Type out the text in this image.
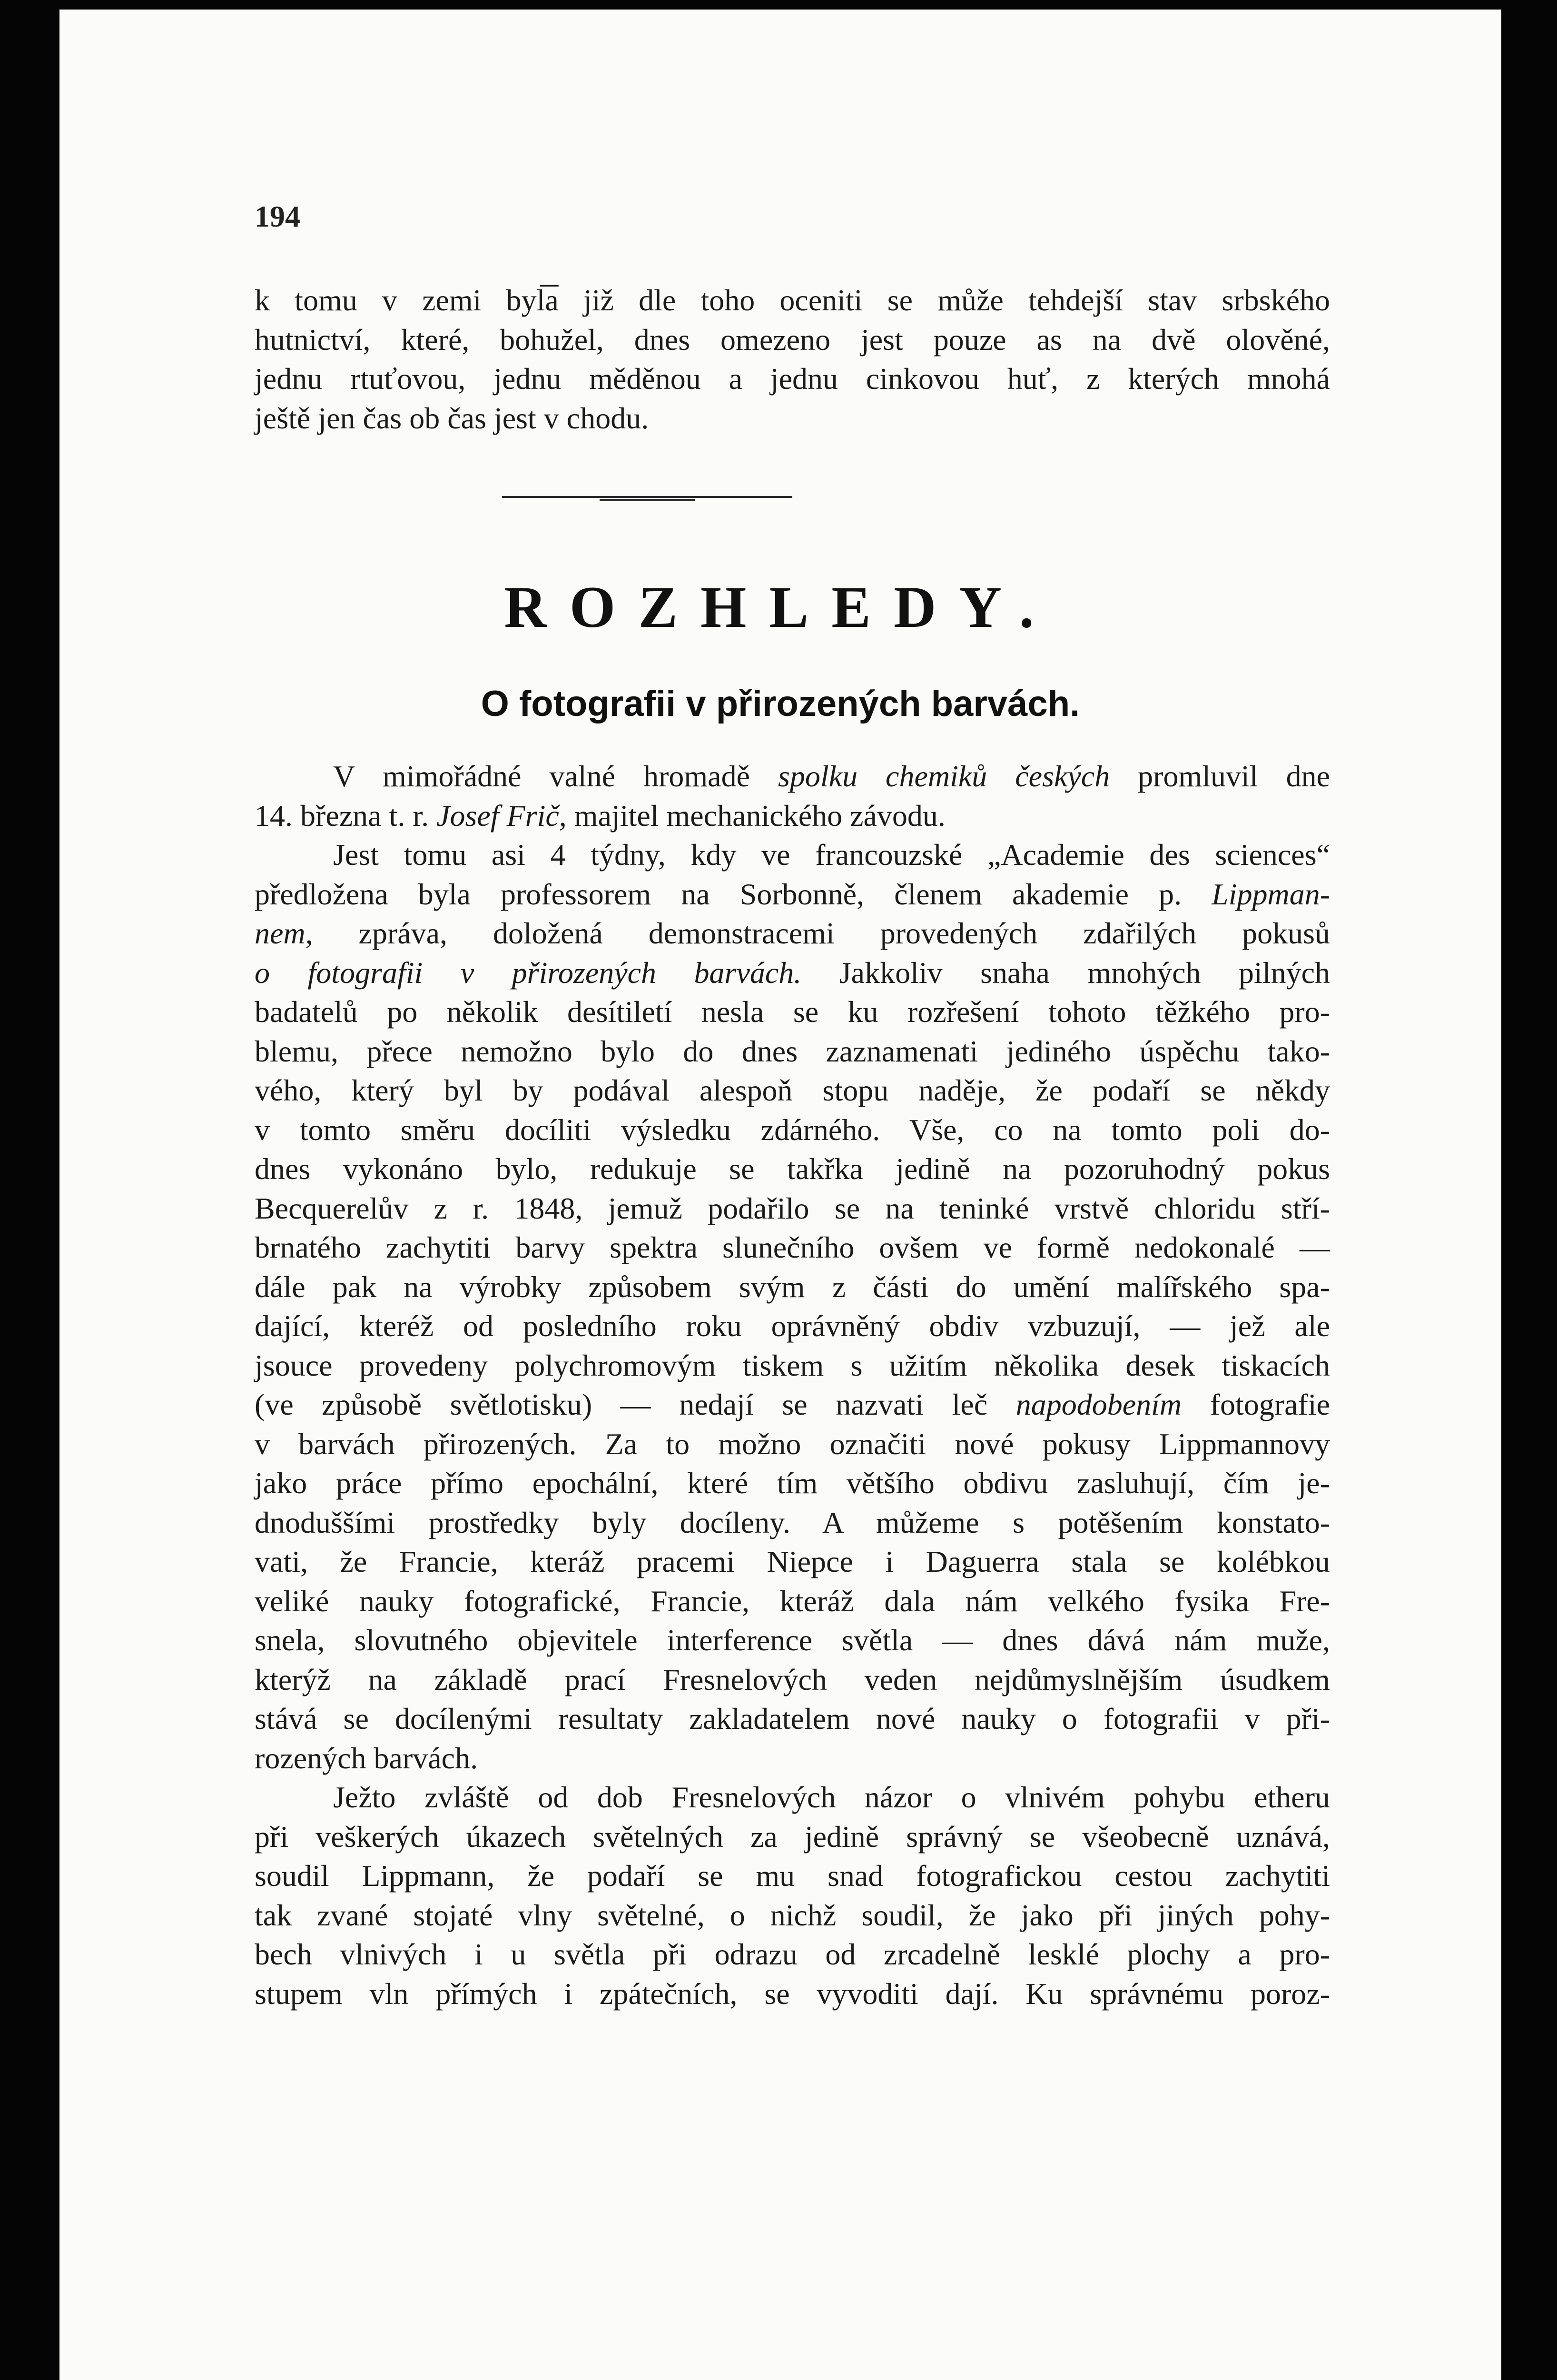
194

k tomu v zemi byl͞a již dle toho oceniti se může tehdejší stav srbského
hutnictví, které, bohužel, dnes omezeno jest pouze as na dvě olověné,
jednu rtuťovou, jednu měděnou a jednu cinkovou huť, z kterých mnohá
ještě jen čas ob čas jest v chodu.
ROZHLEDY.
O fotografii v přirozených barvách.
V mimořádné valné hromadě spolku chemiků českých promluvil dne
14. března t. r. Josef Frič, majitel mechanického závodu.
Jest tomu asi 4 týdny, kdy ve francouzské „Academie des sciences“
předložena byla professorem na Sorbonně, členem akademie p. Lippman-
nem, zpráva, doložená demonstracemi provedených zdařilých pokusů
o fotografii v přirozených barvách. Jakkoliv snaha mnohých pilných
badatelů po několik desítiletí nesla se ku rozřešení tohoto těžkého pro-
blemu, přece nemožno bylo do dnes zaznamenati jediného úspěchu tako-
vého, který byl by podával alespoň stopu naděje, že podaří se někdy
v tomto směru docíliti výsledku zdárného. Vše, co na tomto poli do-
dnes vykonáno bylo, redukuje se takřka jedině na pozoruhodný pokus
Becquerelův z r. 1848, jemuž podařilo se na teninké vrstvě chloridu stří-
brnatého zachytiti barvy spektra slunečního ovšem ve formě nedokonalé —
dále pak na výrobky způsobem svým z části do umění malířského spa-
dající, kteréž od posledního roku oprávněný obdiv vzbuzují, — jež ale
jsouce provedeny polychromovým tiskem s užitím několika desek tiskacích
(ve způsobě světlotisku) — nedají se nazvati leč napodobením fotografie
v barvách přirozených. Za to možno označiti nové pokusy Lippmannovy
jako práce přímo epochální, které tím většího obdivu zasluhují, čím je-
dnoduššími prostředky byly docíleny. A můžeme s potěšením konstato-
vati, že Francie, kteráž pracemi Niepce i Daguerra stala se kolébkou
veliké nauky fotografické, Francie, kteráž dala nám velkého fysika Fre-
snela, slovutného objevitele interference světla — dnes dává nám muže,
kterýž na základě prací Fresnelových veden nejdůmyslnějším úsudkem
stává se docílenými resultaty zakladatelem nové nauky o fotografii v při-
rozených barvách.
Ježto zvláště od dob Fresnelových názor o vlnivém pohybu etheru
při veškerých úkazech světelných za jedině správný se všeobecně uznává,
soudil Lippmann, že podaří se mu snad fotografickou cestou zachytiti
tak zvané stojaté vlny světelné, o nichž soudil, že jako při jiných pohy-
bech vlnivých i u světla při odrazu od zrcadelně lesklé plochy a pro-
stupem vln přímých i zpátečních, se vyvoditi dají. Ku správnému poroz-
